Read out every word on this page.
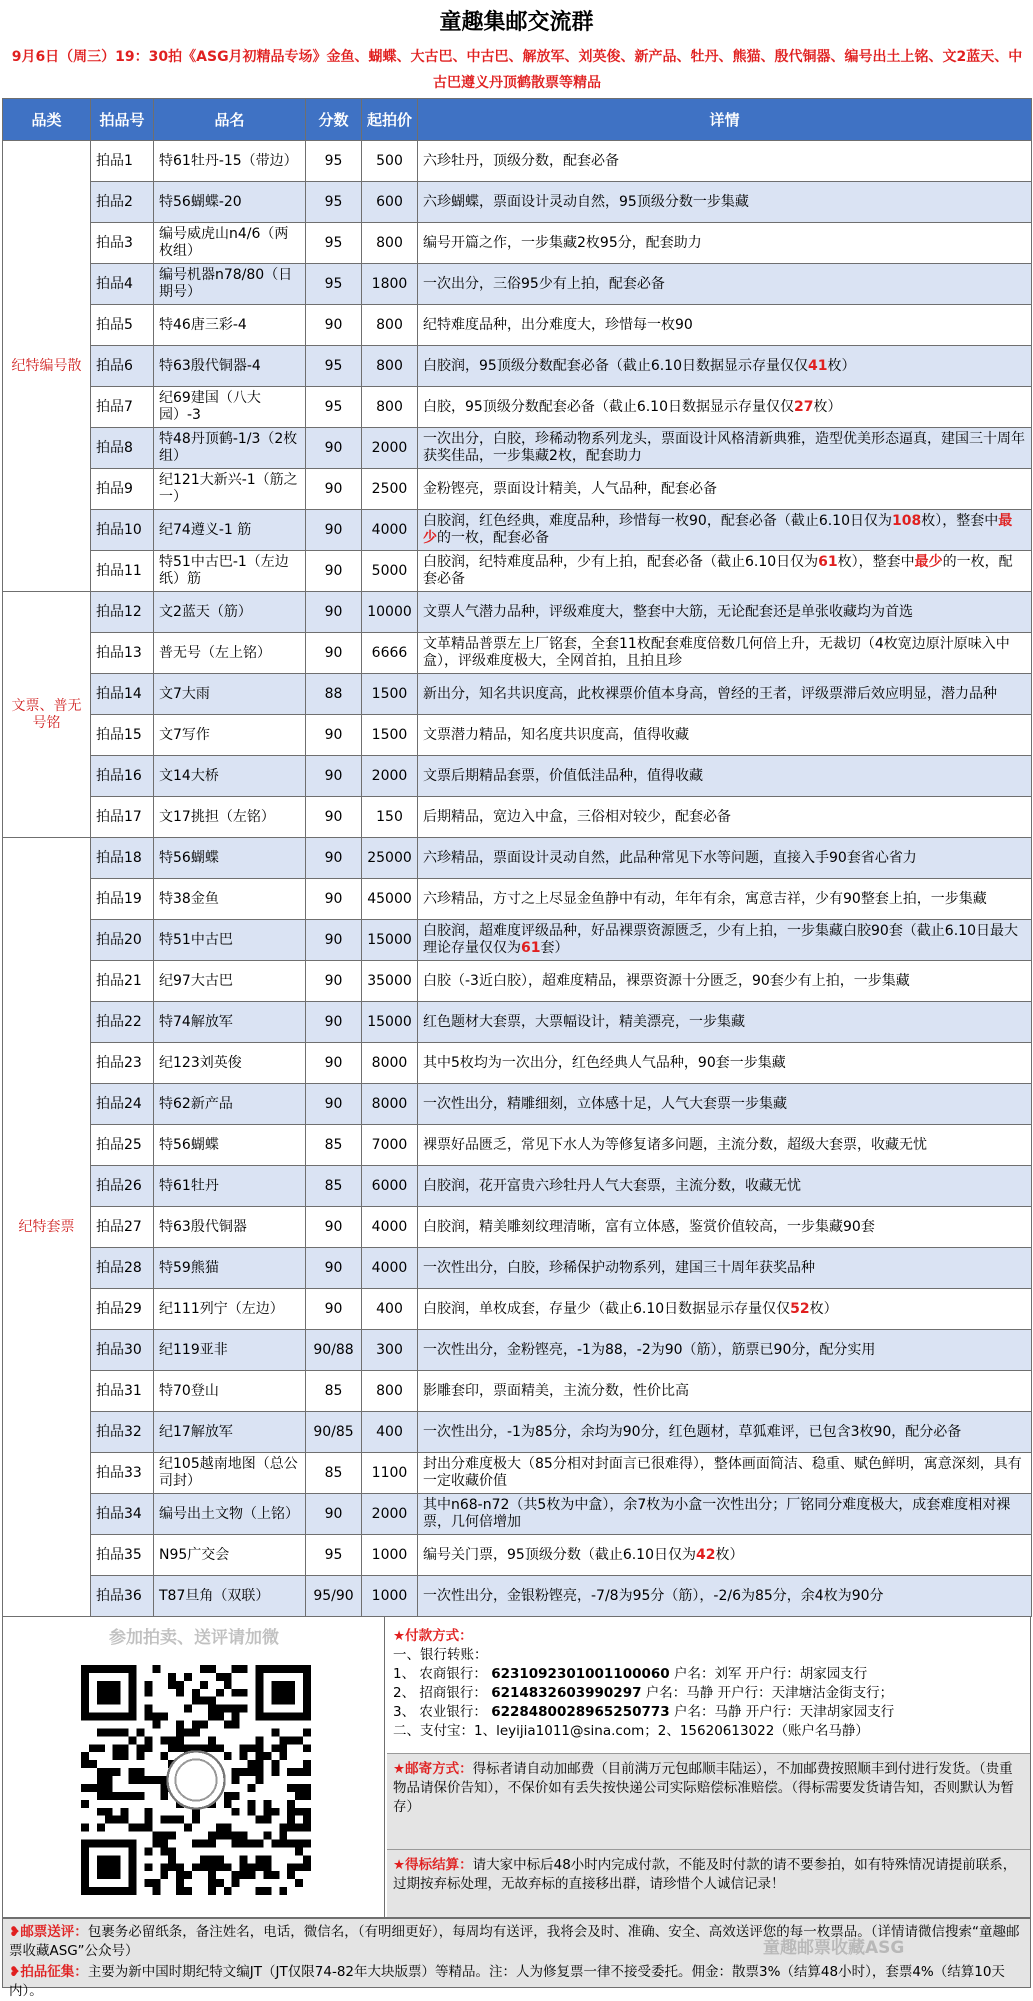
童趣集邮交流群
9月6日（周三）19：30拍《ASG月初精品专场》金鱼、蝴蝶、大古巴、中古巴、解放军、刘英俊、新产品、牡丹、熊猫、殷代铜器、编号出土上铭、文2蓝天、中古巴遵义丹顶鹤散票等精品
品类	拍品号	品名	分数	起拍价	详情
纪特编号散	拍品1	特61牡丹-15（带边）	95	500	六珍牡丹，顶级分数，配套必备
	拍品2	特56蝴蝶-20	95	600	六珍蝴蝶，票面设计灵动自然，95顶级分数一步集藏
	拍品3	编号威虎山n4/6（两枚组）	95	800	编号开篇之作，一步集藏2枚95分，配套助力
	拍品4	编号机器n78/80（日期号）	95	1800	一次出分，三俗95少有上拍，配套必备
	拍品5	特46唐三彩-4	90	800	纪特难度品种，出分难度大，珍惜每一枚90
	拍品6	特63殷代铜器-4	95	800	白胶润，95顶级分数配套必备（截止6.10日数据显示存量仅仅41枚）
	拍品7	纪69建国（八大园）-3	95	800	白胶，95顶级分数配套必备（截止6.10日数据显示存量仅仅27枚）
	拍品8	特48丹顶鹤-1/3（2枚组）	90	2000	一次出分，白胶，珍稀动物系列龙头，票面设计风格清新典雅，造型优美形态逼真，建国三十周年获奖佳品，一步集藏2枚，配套助力
	拍品9	纪121大新兴-1（筋之一）	90	2500	金粉铿亮，票面设计精美，人气品种，配套必备
	拍品10	纪74遵义-1 筋	90	4000	白胶润，红色经典，难度品种，珍惜每一枚90，配套必备（截止6.10日仅为108枚），整套中最少的一枚，配套必备
	拍品11	特51中古巴-1（左边纸）筋	90	5000	白胶润，纪特难度品种，少有上拍，配套必备（截止6.10日仅为61枚），整套中最少的一枚，配套必备
文票、普无号铭	拍品12	文2蓝天（筋）	90	10000	文票人气潜力品种，评级难度大，整套中大筋，无论配套还是单张收藏均为首选
	拍品13	普无号（左上铭）	90	6666	文革精品普票左上厂铭套，全套11枚配套难度倍数几何倍上升，无裁切（4枚宽边原汁原味入中盒），评级难度极大，全网首拍，且拍且珍
	拍品14	文7大雨	88	1500	新出分，知名共识度高，此枚裸票价值本身高，曾经的王者，评级票滞后效应明显，潜力品种
	拍品15	文7写作	90	1500	文票潜力精品，知名度共识度高，值得收藏
	拍品16	文14大桥	90	2000	文票后期精品套票，价值低洼品种，值得收藏
	拍品17	文17挑担（左铭）	90	150	后期精品，宽边入中盒，三俗相对较少，配套必备
纪特套票	拍品18	特56蝴蝶	90	25000	六珍精品，票面设计灵动自然，此品种常见下水等问题，直接入手90套省心省力
	拍品19	特38金鱼	90	45000	六珍精品，方寸之上尽显金鱼静中有动，年年有余，寓意吉祥，少有90整套上拍，一步集藏
	拍品20	特51中古巴	90	15000	白胶润，超难度评级品种，好品裸票资源匮乏，少有上拍，一步集藏白胶90套（截止6.10日最大理论存量仅仅为61套）
	拍品21	纪97大古巴	90	35000	白胶（-3近白胶），超难度精品，裸票资源十分匮乏，90套少有上拍，一步集藏
	拍品22	特74解放军	90	15000	红色题材大套票，大票幅设计，精美漂亮，一步集藏
	拍品23	纪123刘英俊	90	8000	其中5枚均为一次出分，红色经典人气品种，90套一步集藏
	拍品24	特62新产品	90	8000	一次性出分，精雕细刻，立体感十足，人气大套票一步集藏
	拍品25	特56蝴蝶	85	7000	裸票好品匮乏，常见下水人为等修复诸多问题，主流分数，超级大套票，收藏无忧
	拍品26	特61牡丹	85	6000	白胶润，花开富贵六珍牡丹人气大套票，主流分数，收藏无忧
	拍品27	特63殷代铜器	90	4000	白胶润，精美雕刻纹理清晰，富有立体感，鉴赏价值较高，一步集藏90套
	拍品28	特59熊猫	90	4000	一次性出分，白胶，珍稀保护动物系列，建国三十周年获奖品种
	拍品29	纪111列宁（左边）	90	400	白胶润，单枚成套，存量少（截止6.10日数据显示存量仅仅52枚）
	拍品30	纪119亚非	90/88	300	一次性出分，金粉铿亮，-1为88，-2为90（筋），筋票已90分，配分实用
	拍品31	特70登山	85	800	影雕套印，票面精美，主流分数，性价比高
	拍品32	纪17解放军	90/85	400	一次性出分，-1为85分，余均为90分，红色题材，草狐难评，已包含3枚90，配分必备
	拍品33	纪105越南地图（总公司封）	85	1100	封出分难度极大（85分相对封面言已很难得），整体画面简洁、稳重、赋色鲜明，寓意深刻，具有一定收藏价值
	拍品34	编号出土文物（上铭）	90	2000	其中n68-n72（共5枚为中盒），余7枚为小盒一次性出分；厂铭同分难度极大，成套难度相对裸票，几何倍增加
	拍品35	N95广交会	95	1000	编号关门票，95顶级分数（截止6.10日仅为42枚）
	拍品36	T87旦角（双联）	95/90	1000	一次性出分，金银粉铿亮，-7/8为95分（筋），-2/6为85分，余4枚为90分
参加拍卖、送评请加微	★付款方式：
一、银行转账：
1、 农商银行： 6231092301001100060 户名：刘军 开户行：胡家园支行
2、 招商银行： 6214832603990297 户名：马静 开户行：天津塘沽金街支行；
3、 农业银行： 6228480028965250773 户名：马静 开户行：天津胡家园支行
二、支付宝：1、leyijia1011@sina.com；2、15620613022（账户名马静）
★邮寄方式：得标者请自动加邮费（目前满万元包邮顺丰陆运），不加邮费按照顺丰到付进行发货。（贵重物品请保价告知），不保价如有丢失按快递公司实际赔偿标准赔偿。（得标需要发货请告知，否则默认为暂存）
★得标结算：请大家中标后48小时内完成付款，不能及时付款的请不要参拍，如有特殊情况请提前联系，过期按弃标处理，无故弃标的直接移出群，请珍惜个人诚信记录！
❥邮票送评：包裹务必留纸条，备注姓名，电话，微信名，（有明细更好），每周均有送评，我将会及时、准确、安全、高效送评您的每一枚票品。（详情请微信搜索“童趣邮票收藏ASG”公众号）
❥拍品征集：主要为新中国时期纪特文编JT（JT仅限74-82年大块版票）等精品。注：人为修复票一律不接受委托。佣金：散票3%（结算48小时），套票4%（结算10天内）。
童趣邮票收藏ASG
